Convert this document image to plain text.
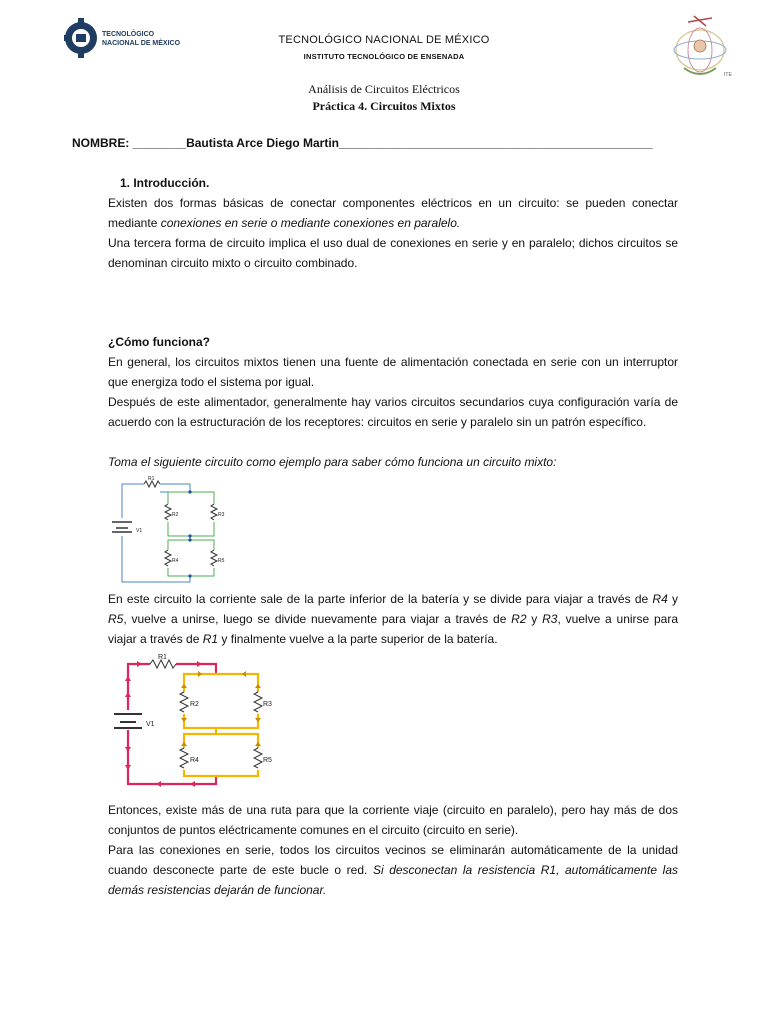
TECNOLÓGICO
NACIONAL DE MÉXICO
ITE
TECNOLÓGICO NACIONAL DE MÉXICO
INSTITUTO TECNOLÓGICO DE ENSENADA
Análisis de Circuitos Eléctricos
Práctica 4. Circuitos Mixtos
NOMBRE: ________Bautista Arce Diego Martin_______________________________________________
1. Introducción.
Existen dos formas básicas de conectar componentes eléctricos en un circuito: se pueden conectar mediante conexiones en serie o mediante conexiones en paralelo.
Una tercera forma de circuito implica el uso dual de conexiones en serie y en paralelo; dichos circuitos se denominan circuito mixto o circuito combinado.
¿Cómo funciona?
En general, los circuitos mixtos tienen una fuente de alimentación conectada en serie con un interruptor que energiza todo el sistema por igual.
Después de este alimentador, generalmente hay varios circuitos secundarios cuya configuración varía de acuerdo con la estructuración de los receptores: circuitos en serie y paralelo sin un patrón específico.
Toma el siguiente circuito como ejemplo para saber cómo funciona un circuito mixto:
R1
R2	R3
R4	R5
V1
En este circuito la corriente sale de la parte inferior de la batería y se divide para viajar a través de R4 y R5, vuelve a unirse, luego se divide nuevamente para viajar a través de R2 y R3, vuelve a unirse para viajar a través de R1 y finalmente vuelve a la parte superior de la batería.
R1
R2	R3
R4	R5
V1
Entonces, existe más de una ruta para que la corriente viaje (circuito en paralelo), pero hay más de dos conjuntos de puntos eléctricamente comunes en el circuito (circuito en serie).
Para las conexiones en serie, todos los circuitos vecinos se eliminarán automáticamente de la unidad cuando desconecte parte de este bucle o red. Si desconectan la resistencia R1, automáticamente las demás resistencias dejarán de funcionar.
